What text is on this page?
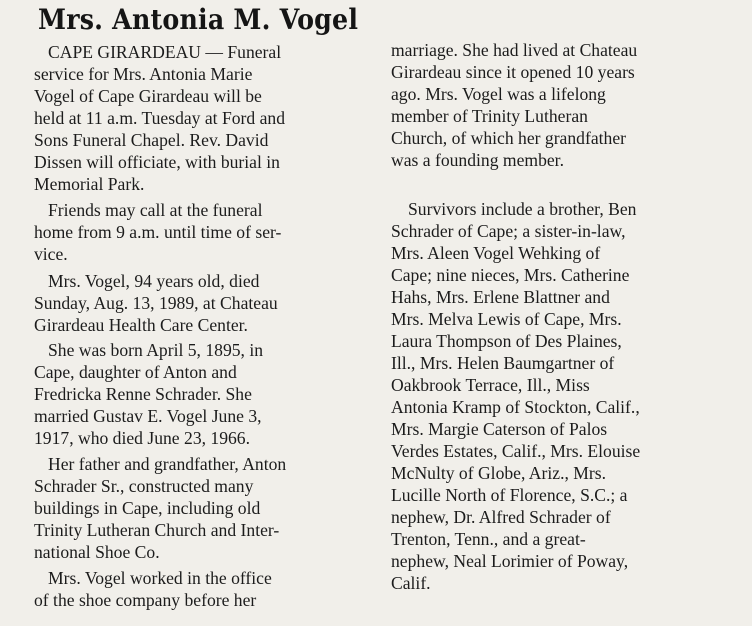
Mrs. Antonia M. Vogel
CAPE GIRARDEAU — Funeral
service for Mrs. Antonia Marie
Vogel of Cape Girardeau will be
held at 11 a.m. Tuesday at Ford and
Sons Funeral Chapel. Rev. David
Dissen will officiate, with burial in
Memorial Park.
Friends may call at the funeral
home from 9 a.m. until time of ser-
vice.
Mrs. Vogel, 94 years old, died
Sunday, Aug. 13, 1989, at Chateau
Girardeau Health Care Center.
She was born April 5, 1895, in
Cape, daughter of Anton and
Fredricka Renne Schrader. She
married Gustav E. Vogel June 3,
1917, who died June 23, 1966.
Her father and grandfather, Anton
Schrader Sr., constructed many
buildings in Cape, including old
Trinity Lutheran Church and Inter-
national Shoe Co.
Mrs. Vogel worked in the office
of the shoe company before her
marriage. She had lived at Chateau
Girardeau since it opened 10 years
ago. Mrs. Vogel was a lifelong
member of Trinity Lutheran
Church, of which her grandfather
was a founding member.
Survivors include a brother, Ben
Schrader of Cape; a sister-in-law,
Mrs. Aleen Vogel Wehking of
Cape; nine nieces, Mrs. Catherine
Hahs, Mrs. Erlene Blattner and
Mrs. Melva Lewis of Cape, Mrs.
Laura Thompson of Des Plaines,
Ill., Mrs. Helen Baumgartner of
Oakbrook Terrace, Ill., Miss
Antonia Kramp of Stockton, Calif.,
Mrs. Margie Caterson of Palos
Verdes Estates, Calif., Mrs. Elouise
McNulty of Globe, Ariz., Mrs.
Lucille North of Florence, S.C.; a
nephew, Dr. Alfred Schrader of
Trenton, Tenn., and a great-
nephew, Neal Lorimier of Poway,
Calif.
